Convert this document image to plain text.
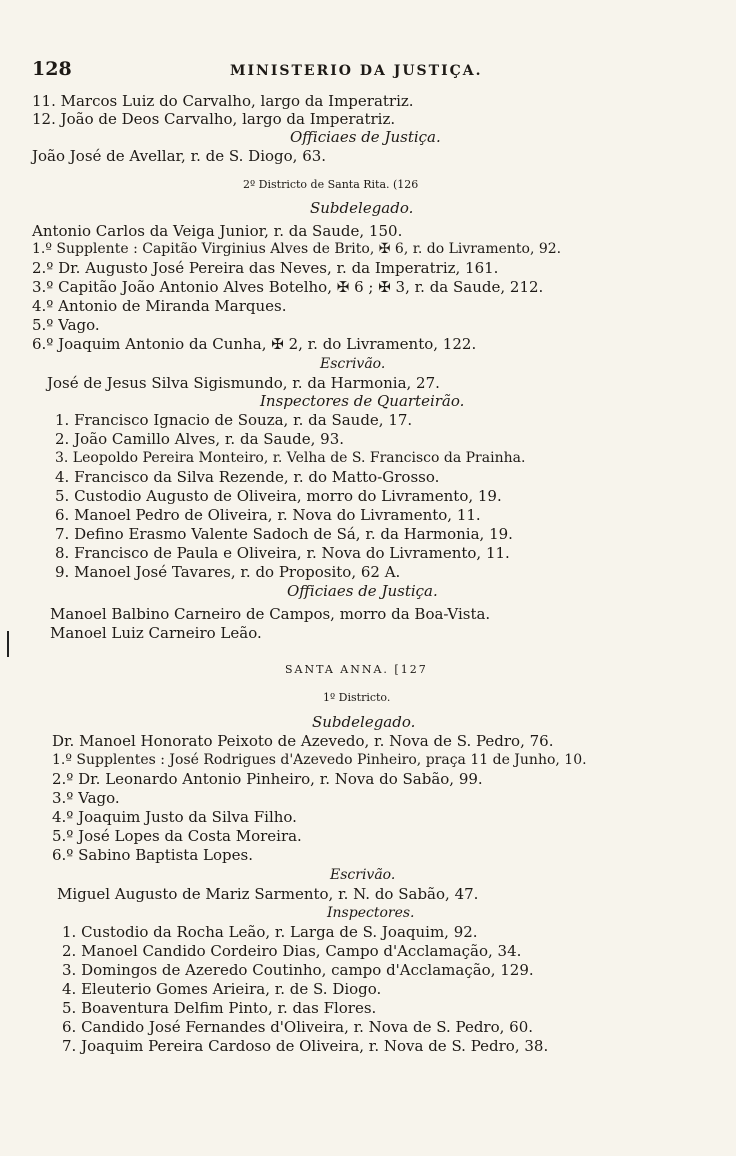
128	MINISTERIO DA JUSTIÇA.
11. Marcos Luiz do Carvalho, largo da Imperatriz.
12. João de Deos Carvalho, largo da Imperatriz.
Officiaes de Justiça.
João José de Avellar, r. de S. Diogo, 63.
2º Districto de Santa Rita. (126
Subdelegado.
Antonio Carlos da Veiga Junior, r. da Saude, 150.
1.º Supplente : Capitão Virginius Alves de Brito, ✠ 6, r. do Livramento, 92.
2.º Dr. Augusto José Pereira das Neves, r. da Imperatriz, 161.
3.º Capitão João Antonio Alves Botelho, ✠ 6 ; ✠ 3, r. da Saude, 212.
4.º Antonio de Miranda Marques.
5.º Vago.
6.º Joaquim Antonio da Cunha, ✠ 2, r. do Livramento, 122.
Escrivão.
José de Jesus Silva Sigismundo, r. da Harmonia, 27.
Inspectores de Quarteirão.
1. Francisco Ignacio de Souza, r. da Saude, 17.
2. João Camillo Alves, r. da Saude, 93.
3. Leopoldo Pereira Monteiro, r. Velha de S. Francisco da Prainha.
4. Francisco da Silva Rezende, r. do Matto-Grosso.
5. Custodio Augusto de Oliveira, morro do Livramento, 19.
6. Manoel Pedro de Oliveira, r. Nova do Livramento, 11.
7. Defino Erasmo Valente Sadoch de Sá, r. da Harmonia, 19.
8. Francisco de Paula e Oliveira, r. Nova do Livramento, 11.
9. Manoel José Tavares, r. do Proposito, 62 A.
Officiaes de Justiça.
Manoel Balbino Carneiro de Campos, morro da Boa-Vista.
Manoel Luiz Carneiro Leão.
SANTA ANNA. [127
1º Districto.
Subdelegado.
Dr. Manoel Honorato Peixoto de Azevedo, r. Nova de S. Pedro, 76.
1.º Supplentes : José Rodrigues d'Azevedo Pinheiro, praça 11 de Junho, 10.
2.º Dr. Leonardo Antonio Pinheiro, r. Nova do Sabão, 99.
3.º Vago.
4.º Joaquim Justo da Silva Filho.
5.º José Lopes da Costa Moreira.
6.º Sabino Baptista Lopes.
Escrivão.
Miguel Augusto de Mariz Sarmento, r. N. do Sabão, 47.
Inspectores.
1. Custodio da Rocha Leão, r. Larga de S. Joaquim, 92.
2. Manoel Candido Cordeiro Dias, Campo d'Acclamação, 34.
3. Domingos de Azeredo Coutinho, campo d'Acclamação, 129.
4. Eleuterio Gomes Arieira, r. de S. Diogo.
5. Boaventura Delfim Pinto, r. das Flores.
6. Candido José Fernandes d'Oliveira, r. Nova de S. Pedro, 60.
7. Joaquim Pereira Cardoso de Oliveira, r. Nova de S. Pedro, 38.
